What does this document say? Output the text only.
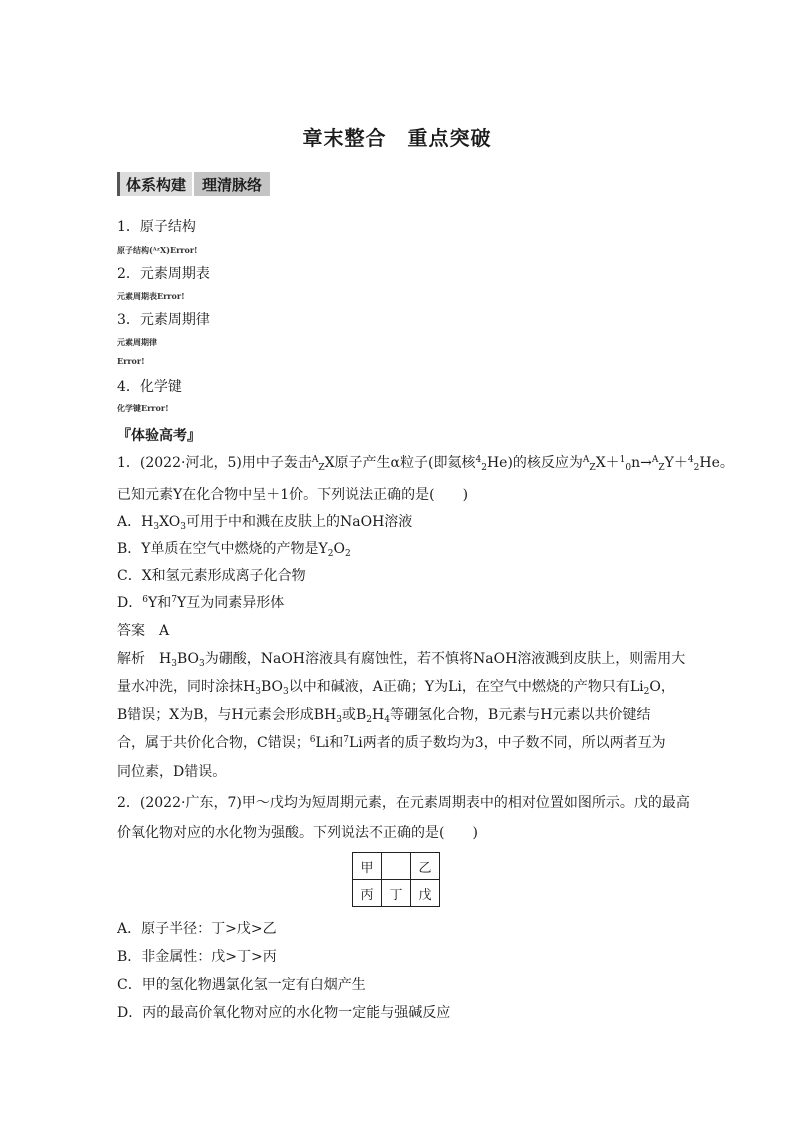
章末整合　重点突破
体系构建	理清脉络
1．原子结构
原子结构(ᴬᶻX)Error!
2．元素周期表
元素周期表Error!
3．元素周期律
元素周期律
Error!
4．化学键
化学键Error!
『体验高考』
1．(2022·河北，5)用中子轰击$^A_Z$X原子产生α粒子(即氦核$^4_2$He)的核反应为$^A_Z$X＋$^1_0$n→$^A_Z$Y＋$^4_2$He。
已知元素Y在化合物中呈＋1价。下列说法正确的是(　　)
A．$H_3XO_3$可用于中和溅在皮肤上的NaOH溶液
B．Y单质在空气中燃烧的产物是$Y_2O_2$
C．X和氢元素形成离子化合物
D．$^6$Y和$^7$Y互为同素异形体
答案　A
解析　$H_3BO_3$为硼酸，NaOH溶液具有腐蚀性，若不慎将NaOH溶液溅到皮肤上，则需用大
量水冲洗，同时涂抹$H_3BO_3$以中和碱液，A正确；Y为Li，在空气中燃烧的产物只有$Li_2O$，
B错误；X为B，与H元素会形成$BH_3$或$B_2H_4$等硼氢化合物，B元素与H元素以共价键结
合，属于共价化合物，C错误；$^6$Li和$^7$Li两者的质子数均为3，中子数不同，所以两者互为
同位素，D错误。
2．(2022·广东，7)甲～戊均为短周期元素，在元素周期表中的相对位置如图所示。戊的最高
价氧化物对应的水化物为强酸。下列说法不正确的是(　　)
甲		乙
丙	丁	戊
A．原子半径：丁>戊>乙
B．非金属性：戊>丁>丙
C．甲的氢化物遇氯化氢一定有白烟产生
D．丙的最高价氧化物对应的水化物一定能与强碱反应
